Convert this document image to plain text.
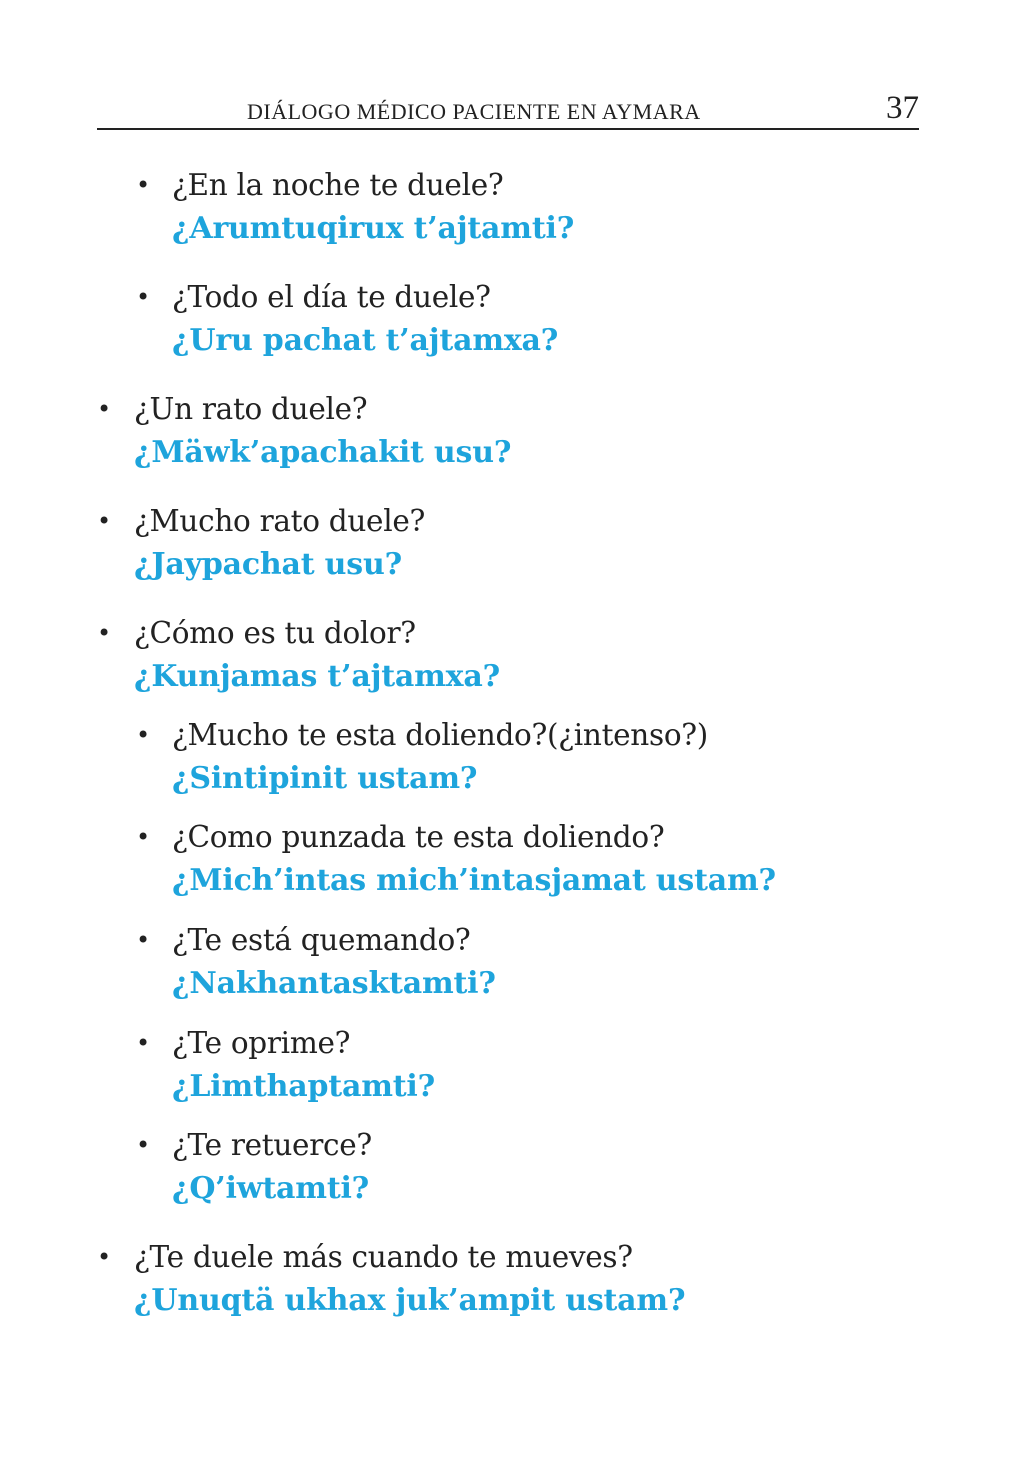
DIÁLOGO MÉDICO PACIENTE EN AYMARA	37
• ¿En la noche te duele?
¿Arumtuqirux t’ajtamti?
• ¿Todo el día te duele?
¿Uru pachat t’ajtamxa?
• ¿Un rato duele?
¿Mäwk’apachakit usu?
• ¿Mucho rato duele?
¿Jaypachat usu?
• ¿Cómo es tu dolor?
¿Kunjamas t’ajtamxa?
• ¿Mucho te esta doliendo?(¿intenso?)
¿Sintipinit ustam?
• ¿Como punzada te esta doliendo?
¿Mich’intas mich’intasjamat ustam?
• ¿Te está quemando?
¿Nakhantasktamti?
• ¿Te oprime?
¿Limthaptamti?
• ¿Te retuerce?
¿Q’iwtamti?
• ¿Te duele más cuando te mueves?
¿Unuqtä ukhax juk’ampit ustam?
